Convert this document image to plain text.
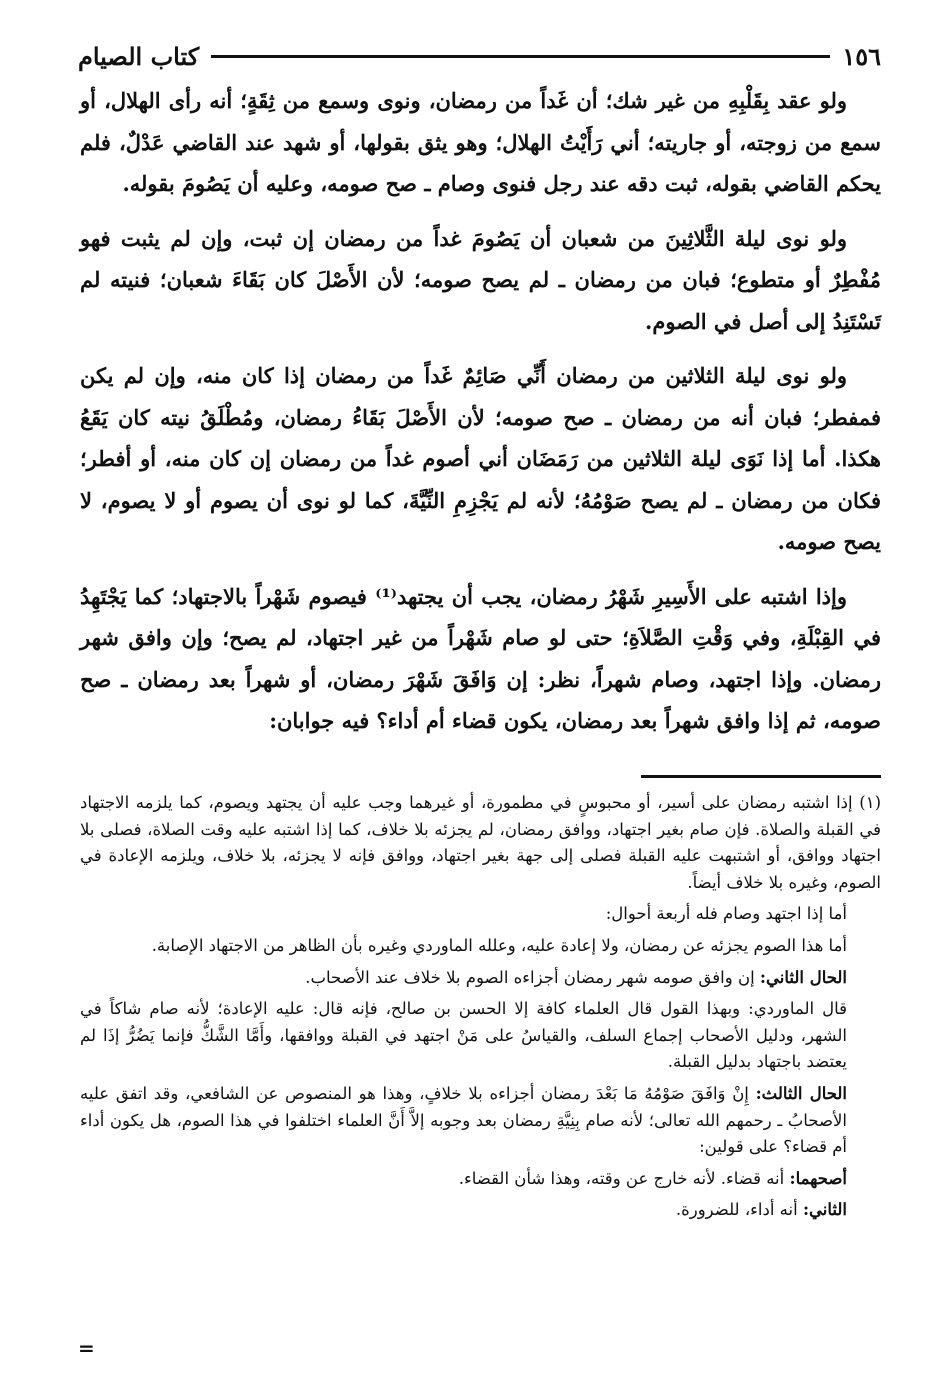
١٥٦
كتاب الصيام

ولو عقد بِقَلْبِهِ من غير شك؛ أن غَداً من رمضان، ونوى وسمع من ثِقَةٍ؛ أنه رأى الهلال، أو سمع من زوجته، أو جاريته؛ أني رَأَيْتُ الهلال؛ وهو يثق بقولها، أو شهد عند القاضي عَدْلٌ، فلم يحكم القاضي بقوله، ثبت دقه عند رجل فنوى وصام ـ صح صومه، وعليه أن يَصُومَ بقوله.

ولو نوى ليلة الثَّلاثِينَ من شعبان أن يَصُومَ غداً من رمضان إن ثبت، وإن لم يثبت فهو مُفْطِرٌ أو متطوع؛ فبان من رمضان ـ لم يصح صومه؛ لأن الأَصْلَ كان بَقَاءَ شعبان؛ فنيته لم تَسْتَنِدُ إلى أصل في الصوم.

ولو نوى ليلة الثلاثين من رمضان أَنِّي صَائِمٌ غَداً من رمضان إذا كان منه، وإن لم يكن فمفطر؛ فبان أنه من رمضان ـ صح صومه؛ لأن الأَصْلَ بَقَاءُ رمضان، ومُطْلَقُ نيته كان يَقَعُ هكذا. أما إذا نَوَى ليلة الثلاثين من رَمَضَان أني أصوم غداً من رمضان إن كان منه، أو أفطر؛ فكان من رمضان ـ لم يصح صَوْمُهُ؛ لأنه لم يَجْزِمِ النِّيَّةَ، كما لو نوى أن يصوم أو لا يصوم، لا يصح صومه.

وإذا اشتبه على الأَسِيرِ شَهْرُ رمضان، يجب أن يجتهد⁽¹⁾ فيصوم شَهْراً بالاجتهاد؛ كما يَجْتَهِدُ في القِبْلَةِ، وفي وَقْتِ الصَّلاَةِ؛ حتى لو صام شَهْراً من غير اجتهاد، لم يصح؛ وإن وافق شهر رمضان. وإذا اجتهد، وصام شهراً، نظر: إن وَافَقَ شَهْرَ رمضان، أو شهراً بعد رمضان ـ صح صومه، ثم إذا وافق شهراً بعد رمضان، يكون قضاء أم أداء؟ فيه جوابان:

(١) إذا اشتبه رمضان على أسير، أو محبوسٍ في مطمورة، أو غيرهما وجب عليه أن يجتهد ويصوم، كما يلزمه الاجتهاد في القبلة والصلاة. فإن صام بغير اجتهاد، ووافق رمضان، لم يجزئه بلا خلاف، كما إذا اشتبه عليه وقت الصلاة، فصلى بلا اجتهاد ووافق، أو اشتبهت عليه القبلة فصلى إلى جهة بغير اجتهاد، ووافق فإنه لا يجزئه، بلا خلاف، ويلزمه الإعادة في الصوم، وغيره بلا خلاف أيضاً.

أما إذا اجتهد وصام فله أربعة أحوال:

أما هذا الصوم يجزئه عن رمضان، ولا إعادة عليه، وعلله الماوردي وغيره بأن الظاهر من الاجتهاد الإصابة.

الحال الثاني: إن وافق صومه شهر رمضان أجزاءه الصوم بلا خلاف عند الأصحاب.

قال الماوردي: وبهذا القول قال العلماء كافة إلا الحسن بن صالح، فإنه قال: عليه الإعادة؛ لأنه صام شاكاً في الشهر، ودليل الأصحاب إجماع السلف، والقياسُ على مَنْ اجتهد في القبلة ووافقها، وأَمَّا الشَّكُّ فإنما يَضُرُّ إذَا لم يعتضد باجتهاد بدليل القبلة.

الحال الثالث: إِنْ وَافَقَ صَوْمُهُ مَا بَعْدَ رمضان أجزاءه بلا خلافٍ، وهذا هو المنصوص عن الشافعي، وقد اتفق عليه الأصحابُ ـ رحمهم الله تعالى؛ لأنه صام بِنِيَّةِ رمضان بعد وجوبه إلاَّ أَنَّ العلماء اختلفوا في هذا الصوم، هل يكون أداء أم قضاء؟ على قولين:

أصحهما: أنه قضاء. لأنه خارج عن وقته، وهذا شأن القضاء.

الثاني: أنه أداء، للضرورة.

=
